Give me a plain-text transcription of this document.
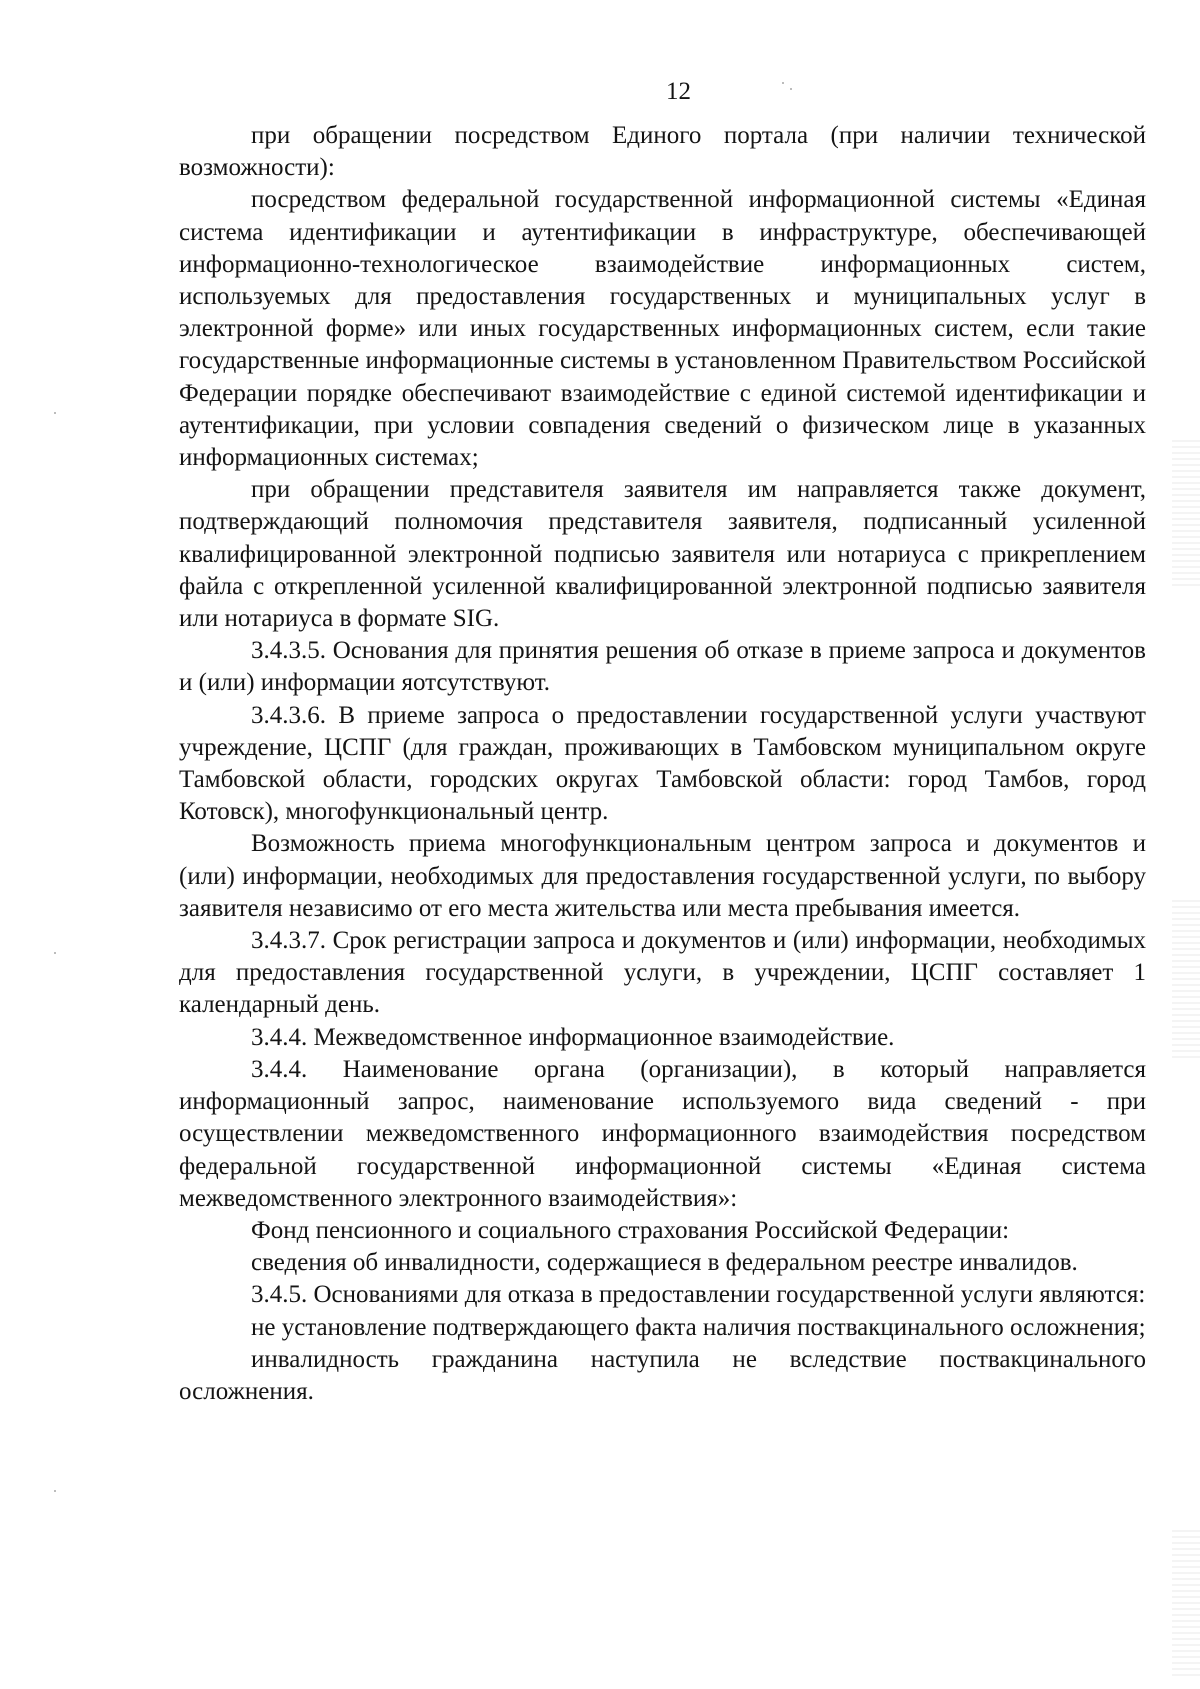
12

при обращении посредством Единого портала (при наличии технической возможности):

посредством федеральной государственной информационной системы «Единая система идентификации и аутентификации в инфраструктуре, обеспечивающей информационно-технологическое взаимодействие информационных систем, используемых для предоставления государственных и муниципальных услуг в электронной форме» или иных государственных информационных систем, если такие государственные информационные системы в установленном Правительством Российской Федерации порядке обеспечивают взаимодействие с единой системой идентификации и аутентификации, при условии совпадения сведений о физическом лице в указанных информационных системах;

при обращении представителя заявителя им направляется также документ, подтверждающий полномочия представителя заявителя, подписанный усиленной квалифицированной электронной подписью заявителя или нотариуса с прикреплением файла с открепленной усиленной квалифицированной электронной подписью заявителя или нотариуса в формате SIG.

3.4.3.5. Основания для принятия решения об отказе в приеме запроса и документов и (или) информации яотсутствуют.

3.4.3.6. В приеме запроса о предоставлении государственной услуги участвуют учреждение, ЦСПГ (для граждан, проживающих в Тамбовском муниципальном округе Тамбовской области, городских округах Тамбовской области: город Тамбов, город Котовск), многофункциональный центр.

Возможность приема многофункциональным центром запроса и документов и (или) информации, необходимых для предоставления государственной услуги, по выбору заявителя независимо от его места жительства или места пребывания имеется.

3.4.3.7. Срок регистрации запроса и документов и (или) информации, необходимых для предоставления государственной услуги, в учреждении, ЦСПГ составляет 1 календарный день.

3.4.4. Межведомственное информационное взаимодействие.

3.4.4. Наименование органа (организации), в который направляется информационный запрос, наименование используемого вида сведений - при осуществлении межведомственного информационного взаимодействия посредством федеральной государственной информационной системы «Единая система межведомственного электронного взаимодействия»:

Фонд пенсионного и социального страхования Российской Федерации:

сведения об инвалидности, содержащиеся в федеральном реестре инвалидов.

3.4.5. Основаниями для отказа в предоставлении государственной услуги являются:

не установление подтверждающего факта наличия поствакцинального осложнения;

инвалидность гражданина наступила не вследствие поствакцинального осложнения.
